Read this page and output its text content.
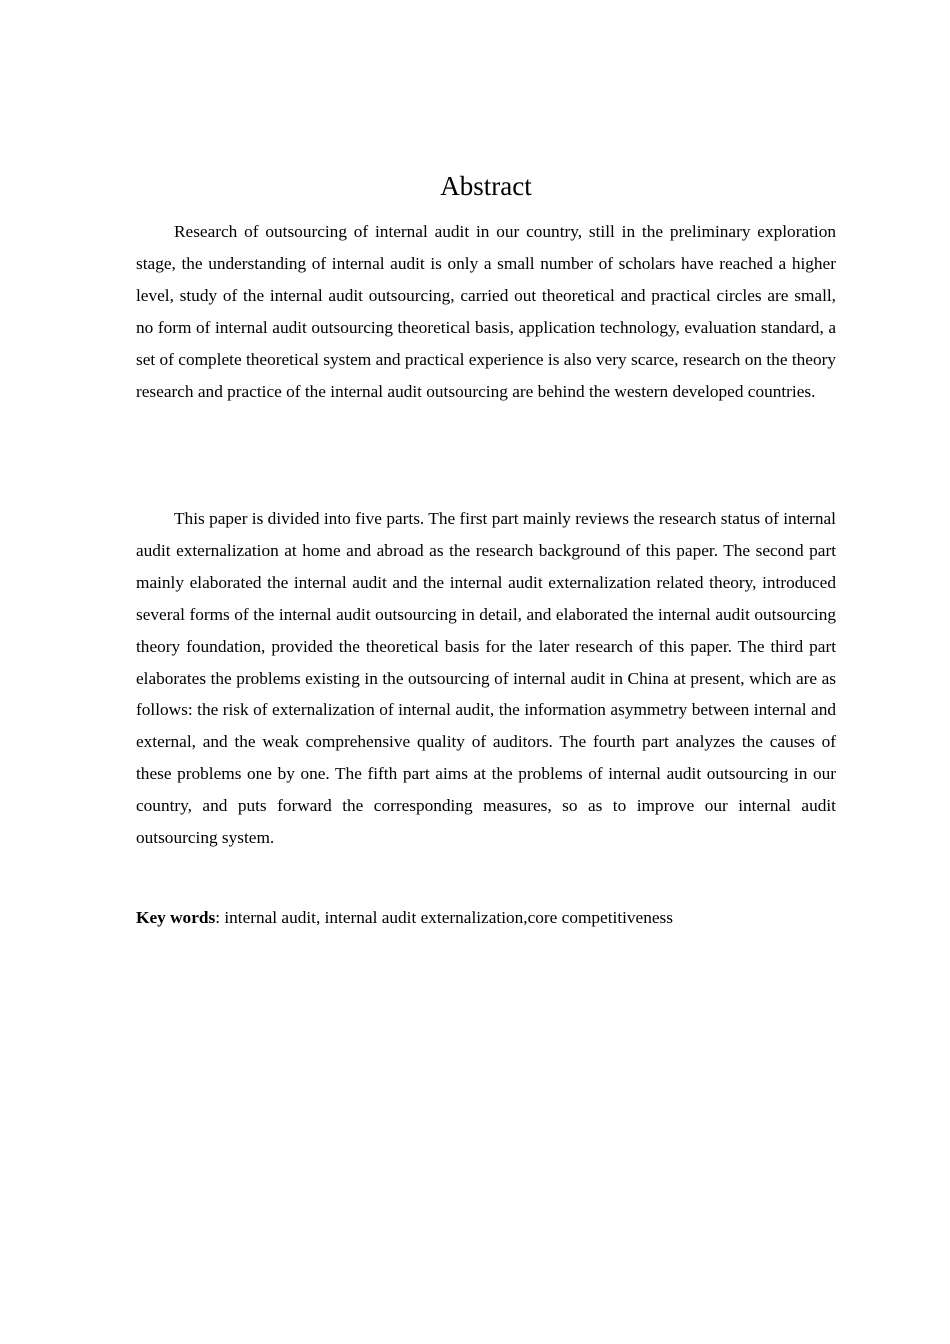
Abstract

Research of outsourcing of internal audit in our country, still in the preliminary exploration stage, the understanding of internal audit is only a small number of scholars have reached a higher level, study of the internal audit outsourcing, carried out theoretical and practical circles are small, no form of internal audit outsourcing theoretical basis, application technology, evaluation standard, a set of complete theoretical system and practical experience is also very scarce, research on the theory research and practice of the internal audit outsourcing are behind the western developed countries.

This paper is divided into five parts. The first part mainly reviews the research status of internal audit externalization at home and abroad as the research background of this paper. The second part mainly elaborated the internal audit and the internal audit externalization related theory, introduced several forms of the internal audit outsourcing in detail, and elaborated the internal audit outsourcing theory foundation, provided the theoretical basis for the later research of this paper. The third part elaborates the problems existing in the outsourcing of internal audit in China at present, which are as follows: the risk of externalization of internal audit, the information asymmetry between internal and external, and the weak comprehensive quality of auditors. The fourth part analyzes the causes of these problems one by one. The fifth part aims at the problems of internal audit outsourcing in our country, and puts forward the corresponding measures, so as to improve our internal audit outsourcing system.

Key words: internal audit, internal audit externalization,core competitiveness
